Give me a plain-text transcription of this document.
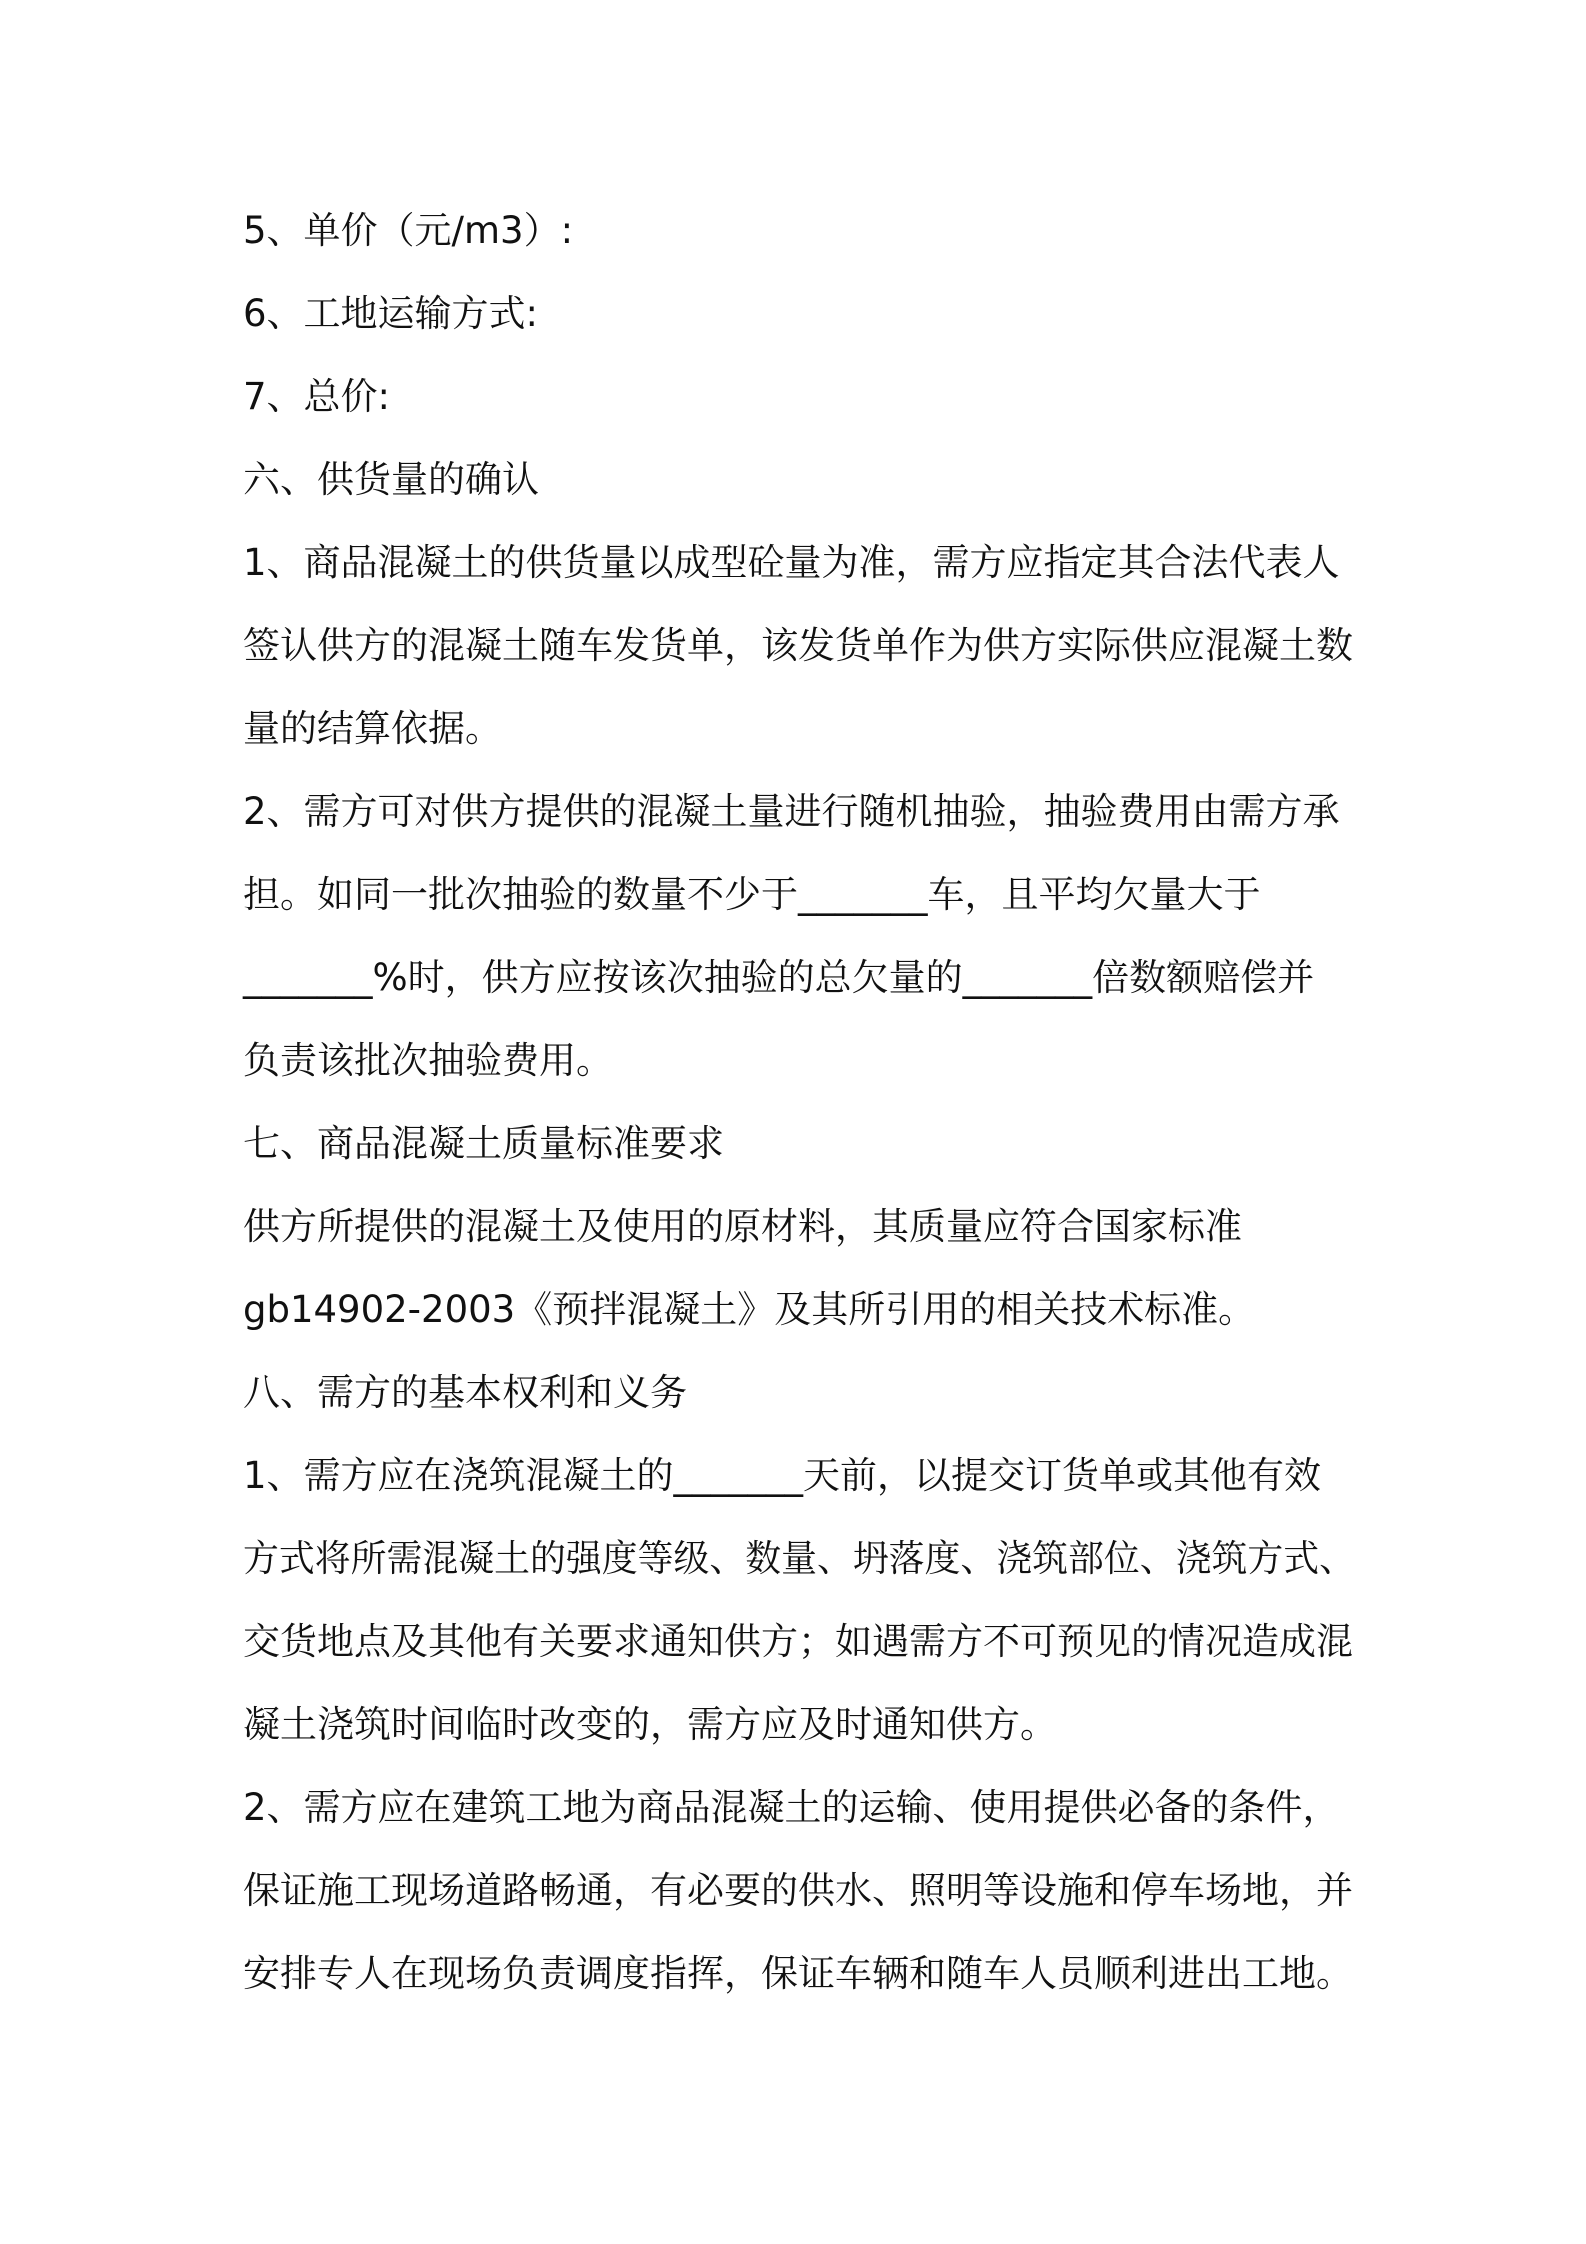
5、单价（元/m3）:
6、工地运输方式:
7、总价:
六、供货量的确认
1、商品混凝土的供货量以成型砼量为准，需方应指定其合法代表人
签认供方的混凝土随车发货单，该发货单作为供方实际供应混凝土数
量的结算依据。
2、需方可对供方提供的混凝土量进行随机抽验，抽验费用由需方承
担。如同一批次抽验的数量不少于_______车，且平均欠量大于
_______%时，供方应按该次抽验的总欠量的_______倍数额赔偿并
负责该批次抽验费用。
七、商品混凝土质量标准要求
供方所提供的混凝土及使用的原材料，其质量应符合国家标准
gb14902-2003《预拌混凝土》及其所引用的相关技术标准。
八、需方的基本权利和义务
1、需方应在浇筑混凝土的_______天前，以提交订货单或其他有效
方式将所需混凝土的强度等级、数量、坍落度、浇筑部位、浇筑方式、
交货地点及其他有关要求通知供方；如遇需方不可预见的情况造成混
凝土浇筑时间临时改变的，需方应及时通知供方。
2、需方应在建筑工地为商品混凝土的运输、使用提供必备的条件，
保证施工现场道路畅通，有必要的供水、照明等设施和停车场地，并
安排专人在现场负责调度指挥，保证车辆和随车人员顺利进出工地。
